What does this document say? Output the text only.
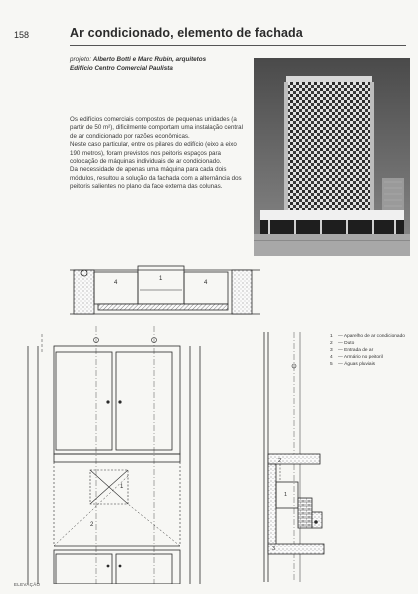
158	Ar condicionado, elemento de fachada
projeto: Alberto Botti e Marc Rubin, arquitetos
Edifício Centro Comercial Paulista

Os edifícios comerciais compostos de pequenas unidades (a partir de 50 m²), dificilmente comportam uma instalação central de ar condicionado por razões econômicas.

Neste caso particular, entre os pilares do edifício (eixo a eixo 190 metros), foram previstos nos peitoris espaços para colocação de máquinas individuais de ar condicionado.

Da necessidade de apenas uma máquina para cada dois módulos, resultou a solução da fachada com a alternância dos peitoris salientes no plano da face externa das colunas.

4
1
4
1
2
2
1
3
1	— Aparelho de ar condicionado
2	— Duto
3	— Entrada de ar
4	— Armário no peitoril
5	— Águas pluviais
ELEVAÇÃO
